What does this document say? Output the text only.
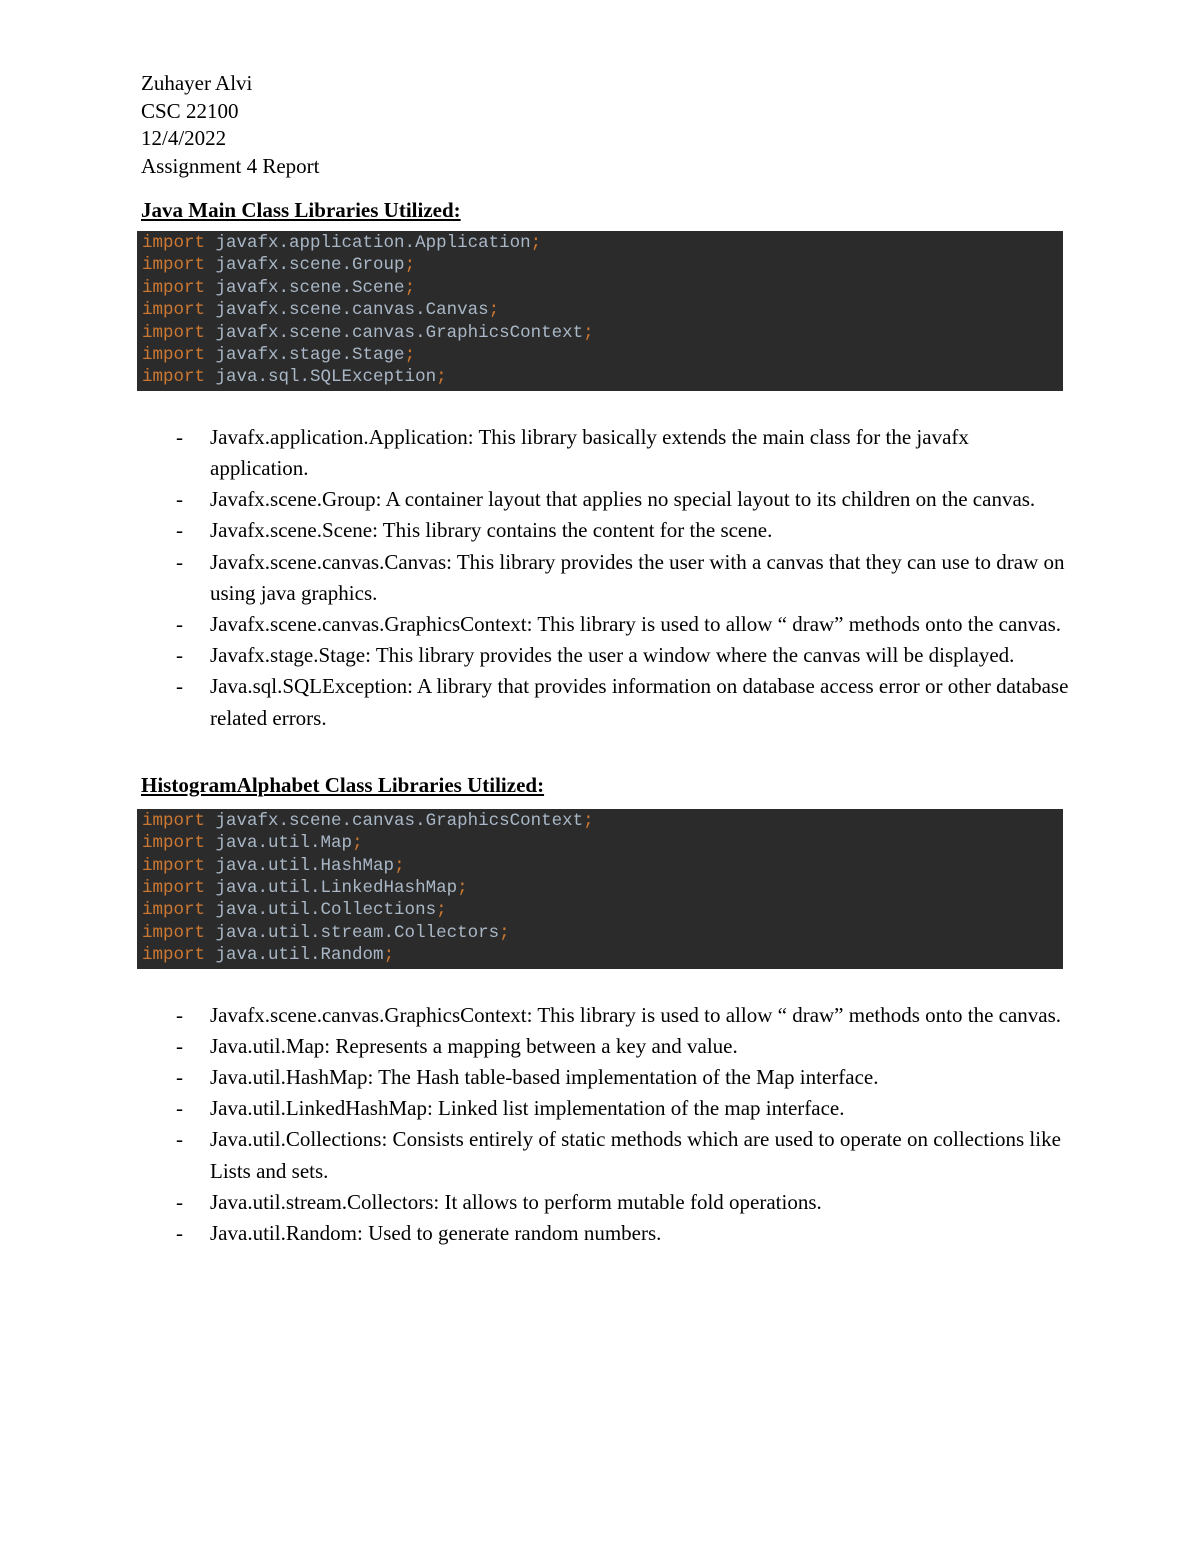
Zuhayer Alvi
CSC 22100
12/4/2022
Assignment 4 Report
Java Main Class Libraries Utilized:
import javafx.application.Application;
import javafx.scene.Group;
import javafx.scene.Scene;
import javafx.scene.canvas.Canvas;
import javafx.scene.canvas.GraphicsContext;
import javafx.stage.Stage;
import java.sql.SQLException;
- Javafx.application.Application: This library basically extends the main class for the javafx application.
- Javafx.scene.Group: A container layout that applies no special layout to its children on the canvas.
- Javafx.scene.Scene: This library contains the content for the scene.
- Javafx.scene.canvas.Canvas: This library provides the user with a canvas that they can use to draw on using java graphics.
- Javafx.scene.canvas.GraphicsContext: This library is used to allow “ draw” methods onto the canvas.
- Javafx.stage.Stage: This library provides the user a window where the canvas will be displayed.
- Java.sql.SQLException: A library that provides information on database access error or other database related errors.
HistogramAlphabet Class Libraries Utilized:
import javafx.scene.canvas.GraphicsContext;
import java.util.Map;
import java.util.HashMap;
import java.util.LinkedHashMap;
import java.util.Collections;
import java.util.stream.Collectors;
import java.util.Random;
- Javafx.scene.canvas.GraphicsContext: This library is used to allow “ draw” methods onto the canvas.
- Java.util.Map: Represents a mapping between a key and value.
- Java.util.HashMap: The Hash table-based implementation of the Map interface.
- Java.util.LinkedHashMap: Linked list implementation of the map interface.
- Java.util.Collections: Consists entirely of static methods which are used to operate on collections like Lists and sets.
- Java.util.stream.Collectors: It allows to perform mutable fold operations.
- Java.util.Random: Used to generate random numbers.
